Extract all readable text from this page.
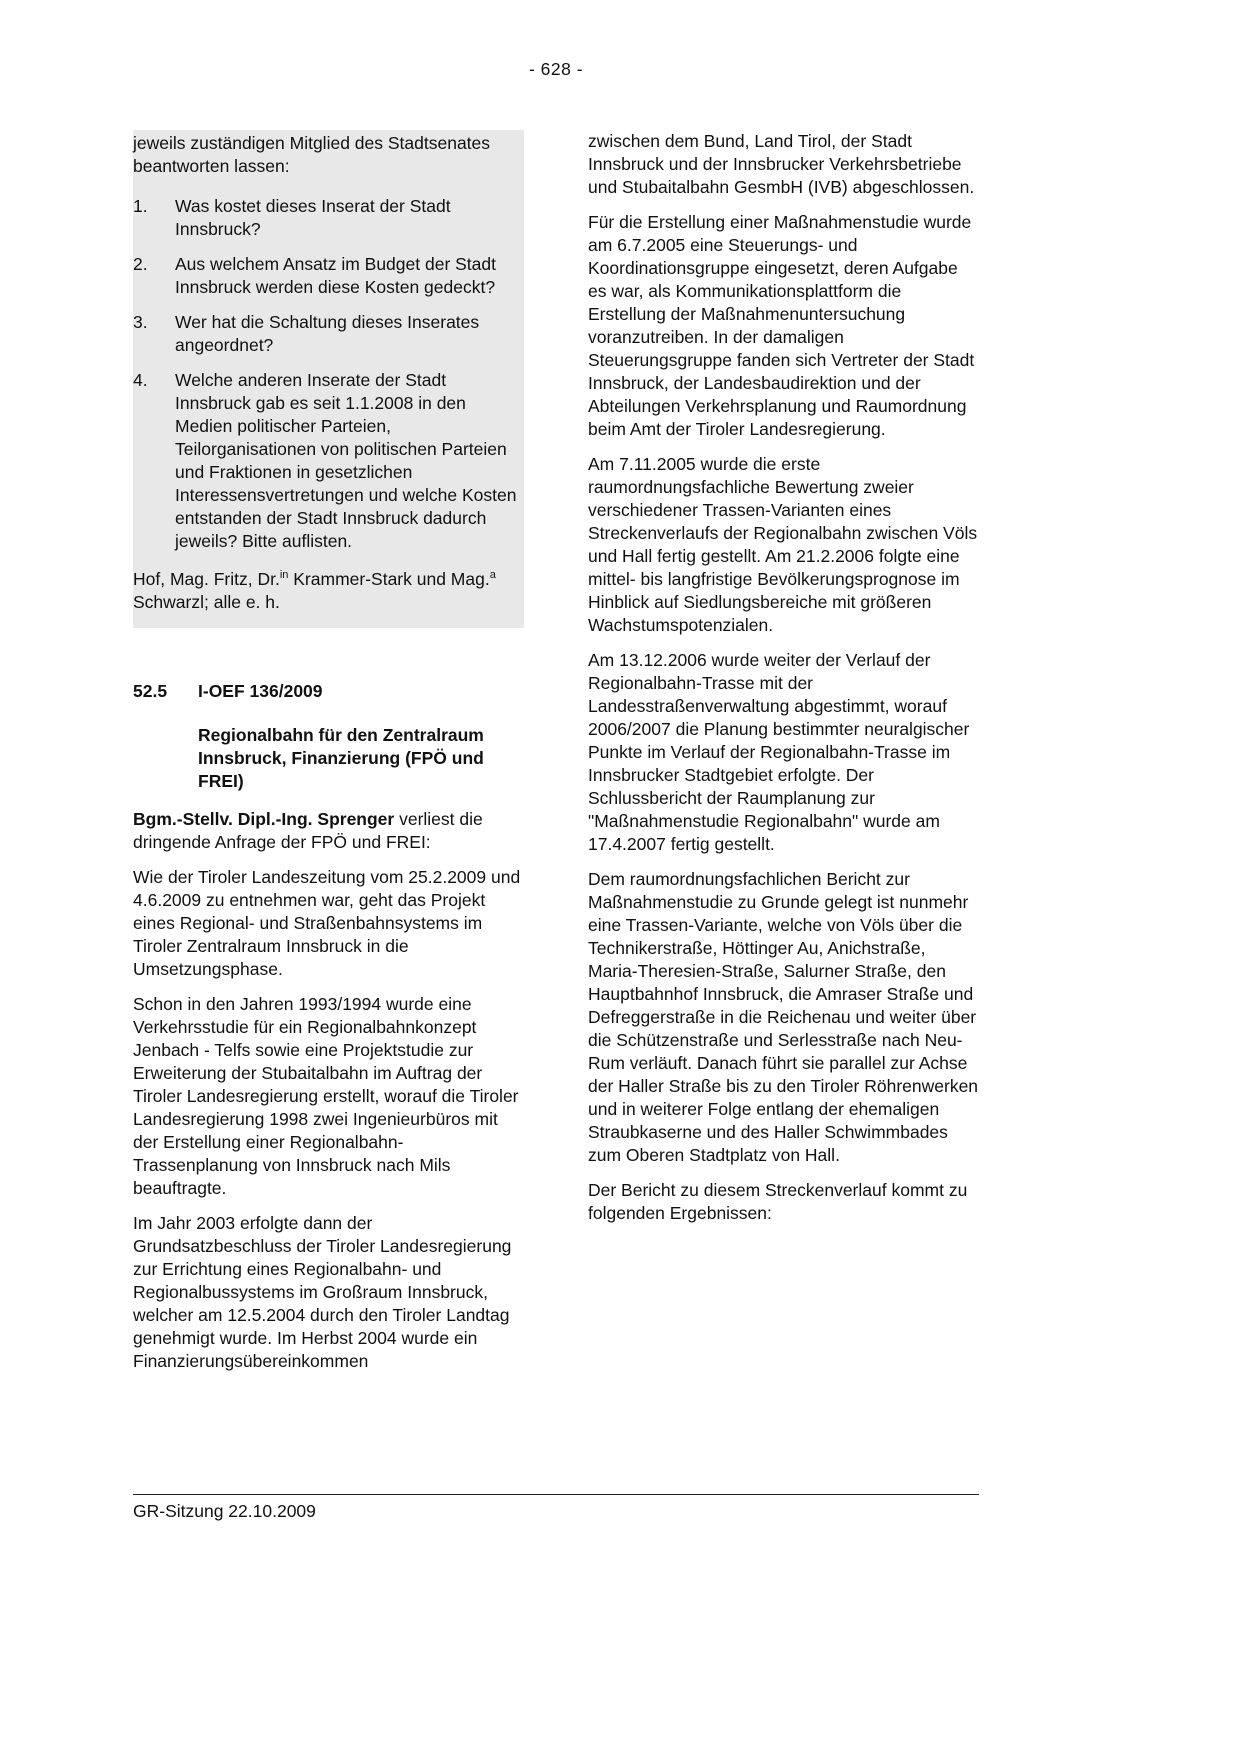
- 628 -

jeweils zuständigen Mitglied des Stadtsenates beantworten lassen:

1.	Was kostet dieses Inserat der Stadt Innsbruck?
2.	Aus welchem Ansatz im Budget der Stadt Innsbruck werden diese Kosten gedeckt?
3.	Wer hat die Schaltung dieses Inserates angeordnet?
4.	Welche anderen Inserate der Stadt Innsbruck gab es seit 1.1.2008 in den Medien politischer Parteien, Teilorganisationen von politischen Parteien und Fraktionen in gesetzlichen Interessensvertretungen und welche Kosten entstanden der Stadt Innsbruck dadurch jeweils? Bitte auflisten.

Hof, Mag. Fritz, Dr.$^{in}$ Krammer-Stark und Mag.$^a$ Schwarzl; alle e. h.

52.5	I-OEF 136/2009
Regionalbahn für den Zentralraum Innsbruck, Finanzierung (FPÖ und FREI)

Bgm.-Stellv. Dipl.-Ing. Sprenger verliest die dringende Anfrage der FPÖ und FREI:

Wie der Tiroler Landeszeitung vom 25.2.2009 und 4.6.2009 zu entnehmen war, geht das Projekt eines Regional- und Straßenbahnsystems im Tiroler Zentralraum Innsbruck in die Umsetzungsphase.

Schon in den Jahren 1993/1994 wurde eine Verkehrsstudie für ein Regionalbahnkonzept Jenbach - Telfs sowie eine Projektstudie zur Erweiterung der Stubaitalbahn im Auftrag der Tiroler Landesregierung erstellt, worauf die Tiroler Landesregierung 1998 zwei Ingenieurbüros mit der Erstellung einer Regionalbahn-Trassenplanung von Innsbruck nach Mils beauftragte.

Im Jahr 2003 erfolgte dann der Grundsatzbeschluss der Tiroler Landesregierung zur Errichtung eines Regionalbahn- und Regionalbussystems im Großraum Innsbruck, welcher am 12.5.2004 durch den Tiroler Landtag genehmigt wurde. Im Herbst 2004 wurde ein Finanzierungsübereinkommen

zwischen dem Bund, Land Tirol, der Stadt Innsbruck und der Innsbrucker Verkehrsbetriebe und Stubaitalbahn GesmbH (IVB) abgeschlossen.

Für die Erstellung einer Maßnahmenstudie wurde am 6.7.2005 eine Steuerungs- und Koordinationsgruppe eingesetzt, deren Aufgabe es war, als Kommunikationsplattform die Erstellung der Maßnahmenuntersuchung voranzutreiben. In der damaligen Steuerungsgruppe fanden sich Vertreter der Stadt Innsbruck, der Landesbaudirektion und der Abteilungen Verkehrsplanung und Raumordnung beim Amt der Tiroler Landesregierung.

Am 7.11.2005 wurde die erste raumordnungsfachliche Bewertung zweier verschiedener Trassen-Varianten eines Streckenverlaufs der Regionalbahn zwischen Völs und Hall fertig gestellt. Am 21.2.2006 folgte eine mittel- bis langfristige Bevölkerungsprognose im Hinblick auf Siedlungsbereiche mit größeren Wachstumspotenzialen.

Am 13.12.2006 wurde weiter der Verlauf der Regionalbahn-Trasse mit der Landesstraßenverwaltung abgestimmt, worauf 2006/2007 die Planung bestimmter neuralgischer Punkte im Verlauf der Regionalbahn-Trasse im Innsbrucker Stadtgebiet erfolgte. Der Schlussbericht der Raumplanung zur "Maßnahmenstudie Regionalbahn" wurde am 17.4.2007 fertig gestellt.

Dem raumordnungsfachlichen Bericht zur Maßnahmenstudie zu Grunde gelegt ist nunmehr eine Trassen-Variante, welche von Völs über die Technikerstraße, Höttinger Au, Anichstraße, Maria-Theresien-Straße, Salurner Straße, den Hauptbahnhof Innsbruck, die Amraser Straße und Defreggerstraße in die Reichenau und weiter über die Schützenstraße und Serlesstraße nach Neu-Rum verläuft. Danach führt sie parallel zur Achse der Haller Straße bis zu den Tiroler Röhrenwerken und in weiterer Folge entlang der ehemaligen Straubkaserne und des Haller Schwimmbades zum Oberen Stadtplatz von Hall.

Der Bericht zu diesem Streckenverlauf kommt zu folgenden Ergebnissen:

GR-Sitzung 22.10.2009
